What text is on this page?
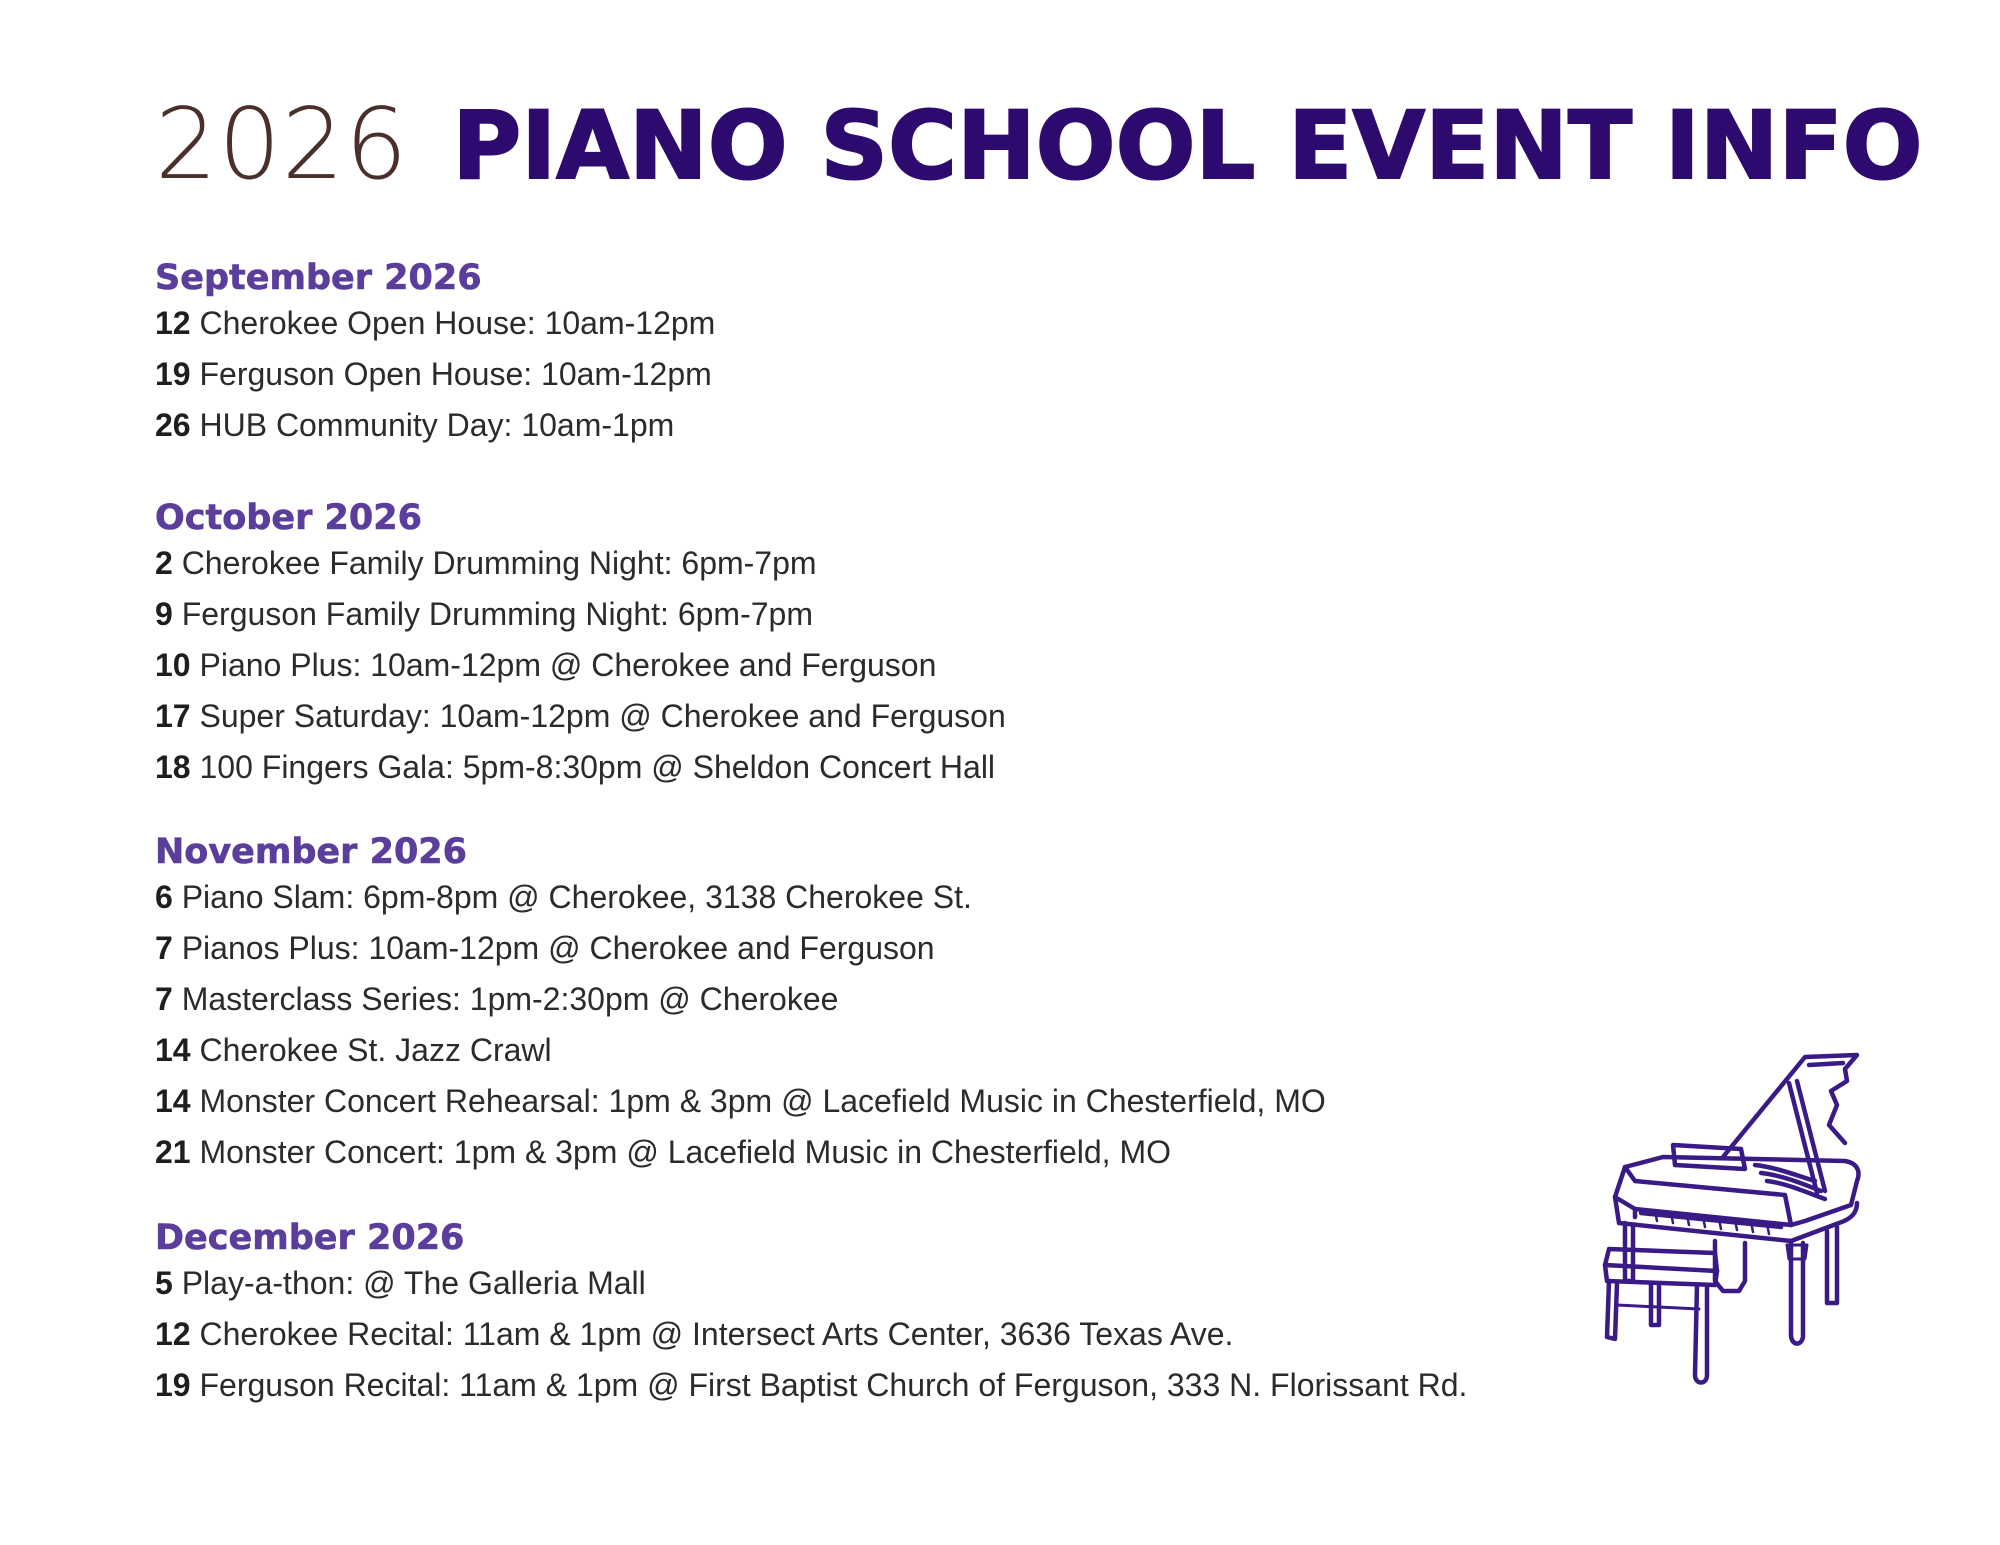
2026 PIANO SCHOOL EVENT INFO
September 2026
12 Cherokee Open House: 10am-12pm
19 Ferguson Open House: 10am-12pm
26 HUB Community Day: 10am-1pm
October 2026
2 Cherokee Family Drumming Night: 6pm-7pm
9 Ferguson Family Drumming Night: 6pm-7pm
10 Piano Plus: 10am-12pm @ Cherokee and Ferguson
17 Super Saturday: 10am-12pm @ Cherokee and Ferguson
18 100 Fingers Gala: 5pm-8:30pm @ Sheldon Concert Hall
November 2026
6 Piano Slam: 6pm-8pm @ Cherokee, 3138 Cherokee St.
7 Pianos Plus: 10am-12pm @ Cherokee and Ferguson
7 Masterclass Series: 1pm-2:30pm @ Cherokee
14 Cherokee St. Jazz Crawl
14 Monster Concert Rehearsal: 1pm & 3pm @ Lacefield Music in Chesterfield, MO
21 Monster Concert: 1pm & 3pm @ Lacefield Music in Chesterfield, MO
December 2026
5 Play-a-thon: @ The Galleria Mall
12 Cherokee Recital: 11am & 1pm @ Intersect Arts Center, 3636 Texas Ave.
19 Ferguson Recital: 11am & 1pm @ First Baptist Church of Ferguson, 333 N. Florissant Rd.
